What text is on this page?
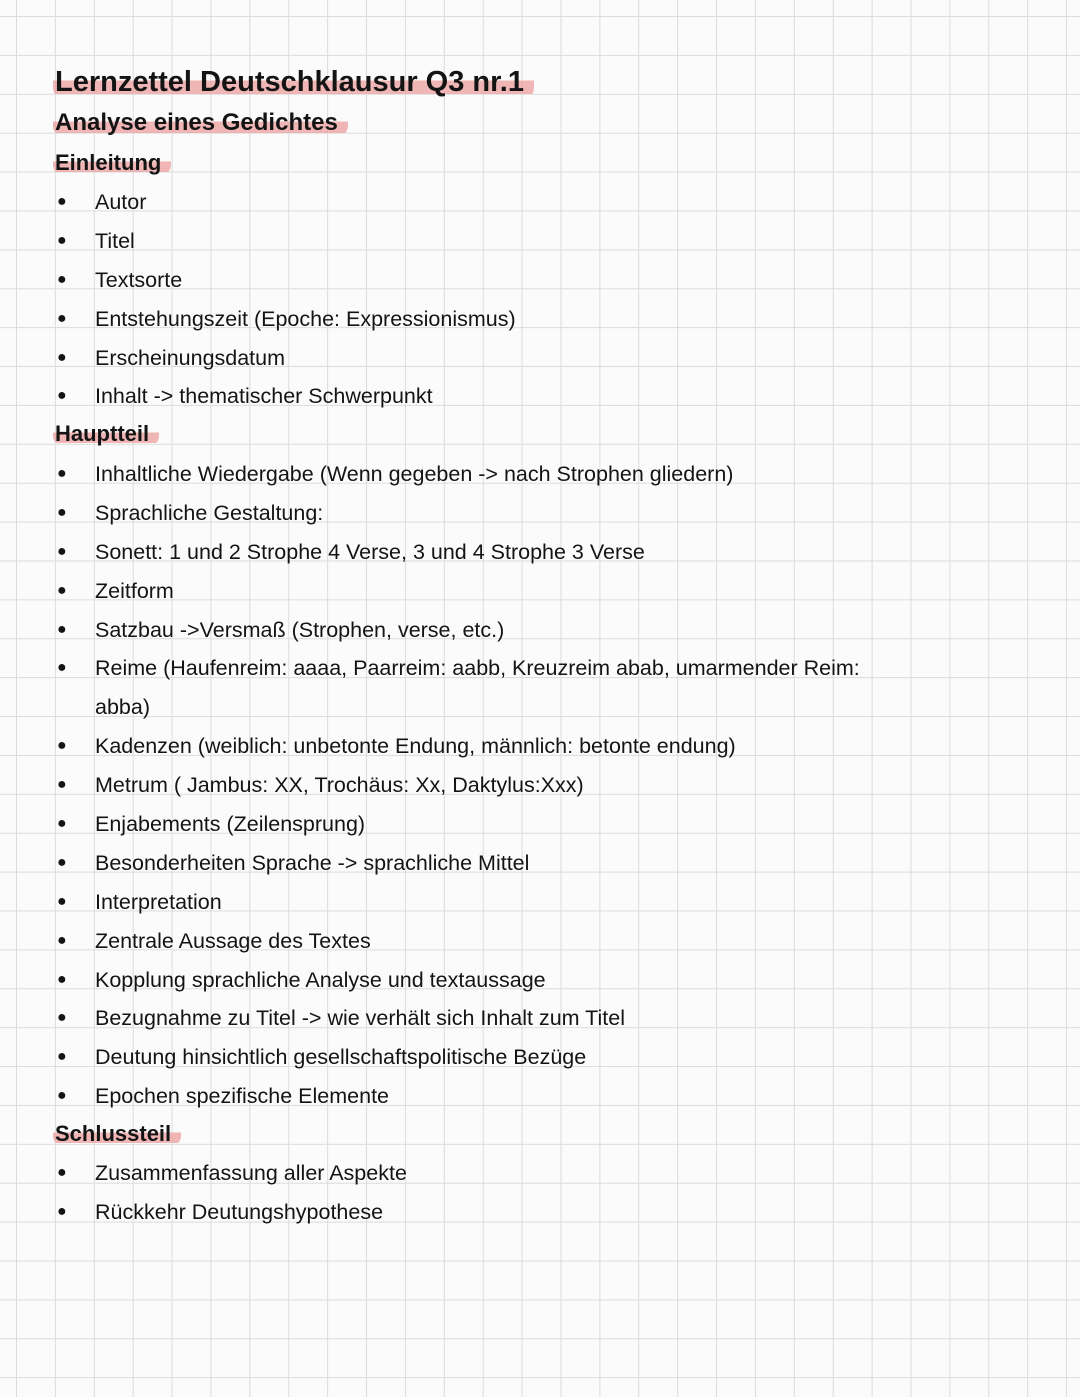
Lernzettel Deutschklausur Q3 nr.1
Analyse eines Gedichtes
Einleitung
● Autor
● Titel
● Textsorte
● Entstehungszeit (Epoche: Expressionismus)
● Erscheinungsdatum
● Inhalt -> thematischer Schwerpunkt
Hauptteil
● Inhaltliche Wiedergabe (Wenn gegeben -> nach Strophen gliedern)
● Sprachliche Gestaltung:
● Sonett: 1 und 2 Strophe 4 Verse, 3 und 4 Strophe 3 Verse
● Zeitform
● Satzbau ->Versmaß (Strophen, verse, etc.)
● Reime (Haufenreim: aaaa, Paarreim: aabb, Kreuzreim abab, umarmender Reim: abba)
● Kadenzen (weiblich: unbetonte Endung, männlich: betonte endung)
● Metrum ( Jambus: XX, Trochäus: Xx, Daktylus:Xxx)
● Enjabements (Zeilensprung)
● Besonderheiten Sprache -> sprachliche Mittel
● Interpretation
● Zentrale Aussage des Textes
● Kopplung sprachliche Analyse und textaussage
● Bezugnahme zu Titel -> wie verhält sich Inhalt zum Titel
● Deutung hinsichtlich gesellschaftspolitische Bezüge
● Epochen spezifische Elemente
Schlussteil
● Zusammenfassung aller Aspekte
● Rückkehr Deutungshypothese
